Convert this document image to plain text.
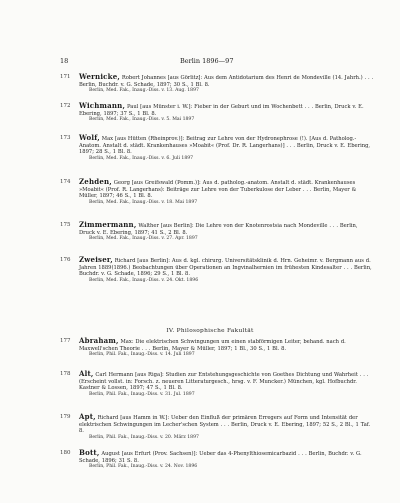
18	Berlin 1896—97
171	Wernicke, Robert Johannes [aus Görlitz]: Aus dem Antidotarium des Henri de Mondeville (14. Jahrh.) . . . Berlin, Buchdr. v. G. Schade, 1897; 30 S., 1 Bl. 8.
Berlin, Med. Fak., Inaug.-Diss. v. 13. Aug. 1897
172	Wichmann, Paul [aus Münster i. W.]: Fieber in der Geburt und im Wochenbett . . . Berlin, Druck v. E. Ebering, 1897; 37 S., 1 Bl. 8.
Berlin, Med. Fak., Inaug.-Diss. v. 5. Mai 1897
173	Wolf, Max [aus Hütten (Rheinprov.)]: Beitrag zur Lehre von der Hydronephrose (!). [Aus d. Patholog.-Anatom. Anstalt d. städt. Krankenhauses »Moabit« (Prof. Dr. R. Langerhans)] . . . Berlin, Druck v. E. Ebering, 1897; 28 S., 1 Bl. 8.
Berlin, Med. Fak., Inaug.-Diss. v. 6. Juli 1897
174	Zehden, Georg [aus Greifswald (Pomm.)]: Aus d. patholog.-anatom. Anstalt d. städt. Krankenhauses »Moabit« (Prof. R. Langerhans): Beiträge zur Lehre von der Tuberkulose der Leber . . . Berlin, Mayer & Müller, 1897; 46 S., 1 Bl. 8.
Berlin, Med. Fak., Inaug.-Diss. v. 18. Mai 1897
175	Zimmermann, Walther [aus Berlin]: Die Lehre von der Knotenrostsia nach Mondeville . . . Berlin, Druck v. E. Ebering, 1897; 41 S., 2 Bl. 8.
Berlin, Med. Fak., Inaug.-Diss. v. 27. Apr. 1897
176	Zweiser, Richard [aus Berlin]: Aus d. kgl. chirurg. Universitätsklinik d. Hrn. Geheimr. v. Bergmann aus d. Jahren 1889(1896.) Beobachtungen über Operationen an Ingvinalhernien im frühesten Kindesalter . . . Berlin, Buchdr. v. G. Schade, 1896; 29 S., 1 Bl. 8.
Berlin, Med. Fak., Inaug.-Diss. v. 24. Okt. 1896
IV. Philosophische Fakultät
177	Abraham, Max: Die elektrischen Schwingungen um einen stabförmigen Leiter, behand. nach d. Maxwell'schen Theorie . . . Berlin, Mayer & Müller, 1897; 1 Bl., 30 S., 1 Bl. 8.
Berlin, Phil. Fak., Inaug.-Diss. v. 14. Juli 1897
178	Alt, Carl Hermann [aus Riga]: Studien zur Entstehungsgeschichte von Goethes Dichtung und Wahrheit . . . (Erscheint vollst. in: Forsch. z. neueren Litteraturgesch., hrsg. v. F. Muncker.) München, kgl. Hofbuchdr. Kastner & Lossen, 1897; 47 S., 1 Bl. 8.
Berlin, Phil. Fak., Inaug.-Diss. v. 31. Jul. 1897
179	Apt, Richard [aus Hamm in W.]: Ueber den Einfluß der primären Erregers auf Form und Intensität der elektrischen Schwingungen im Lecher'schen System . . . Berlin, Druck v. E. Ebering, 1897; 52 S., 2 Bl., 1 Taf. 8.
Berlin, Phil. Fak., Inaug.-Diss. v. 20. März 1897
180	Bott, August [aus Erfurt (Prov. Sachsen)]: Ueber das 4-Phenylthiosemicarbazid . . . Berlin, Buchdr. v. G. Schade, 1896; 31 S. 8.
Berlin, Phil. Fak., Inaug.-Diss. v. 24. Nov. 1896
